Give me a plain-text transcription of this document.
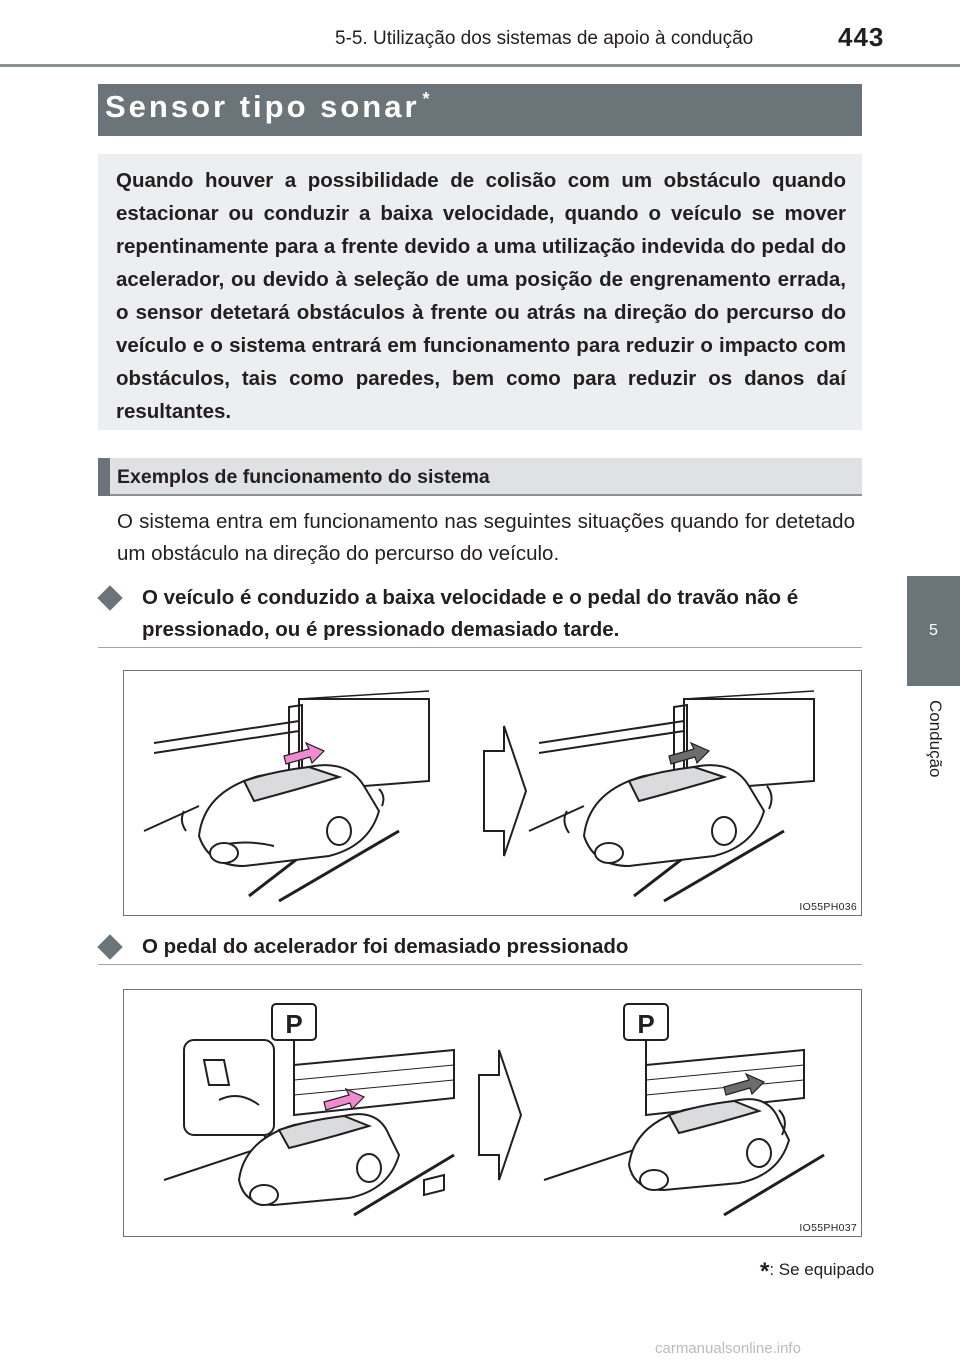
5-5. Utilização dos sistemas de apoio à condução	443
5
Condução
Sensor tipo sonar *
Quando houver a possibilidade de colisão com um obstáculo quando estacionar ou conduzir a baixa velocidade, quando o veículo se mover repentinamente para a frente devido a uma utilização indevida do pedal do acelerador, ou devido à seleção de uma posição de engrenamento errada, o sensor detetará obstáculos à frente ou atrás na direção do percurso do veículo e o sistema entrará em funcionamento para reduzir o impacto com obstáculos, tais como paredes, bem como para reduzir os danos daí resultantes.
Exemplos de funcionamento do sistema
O sistema entra em funcionamento nas seguintes situações quando for detetado um obstáculo na direção do percurso do veículo.
O veículo é conduzido a baixa velocidade e o pedal do travão não é pressionado, ou é pressionado demasiado tarde.
IO55PH036
O pedal do acelerador foi demasiado pressionado
P	P
IO55PH037
*: Se equipado
carmanualsonline.info
